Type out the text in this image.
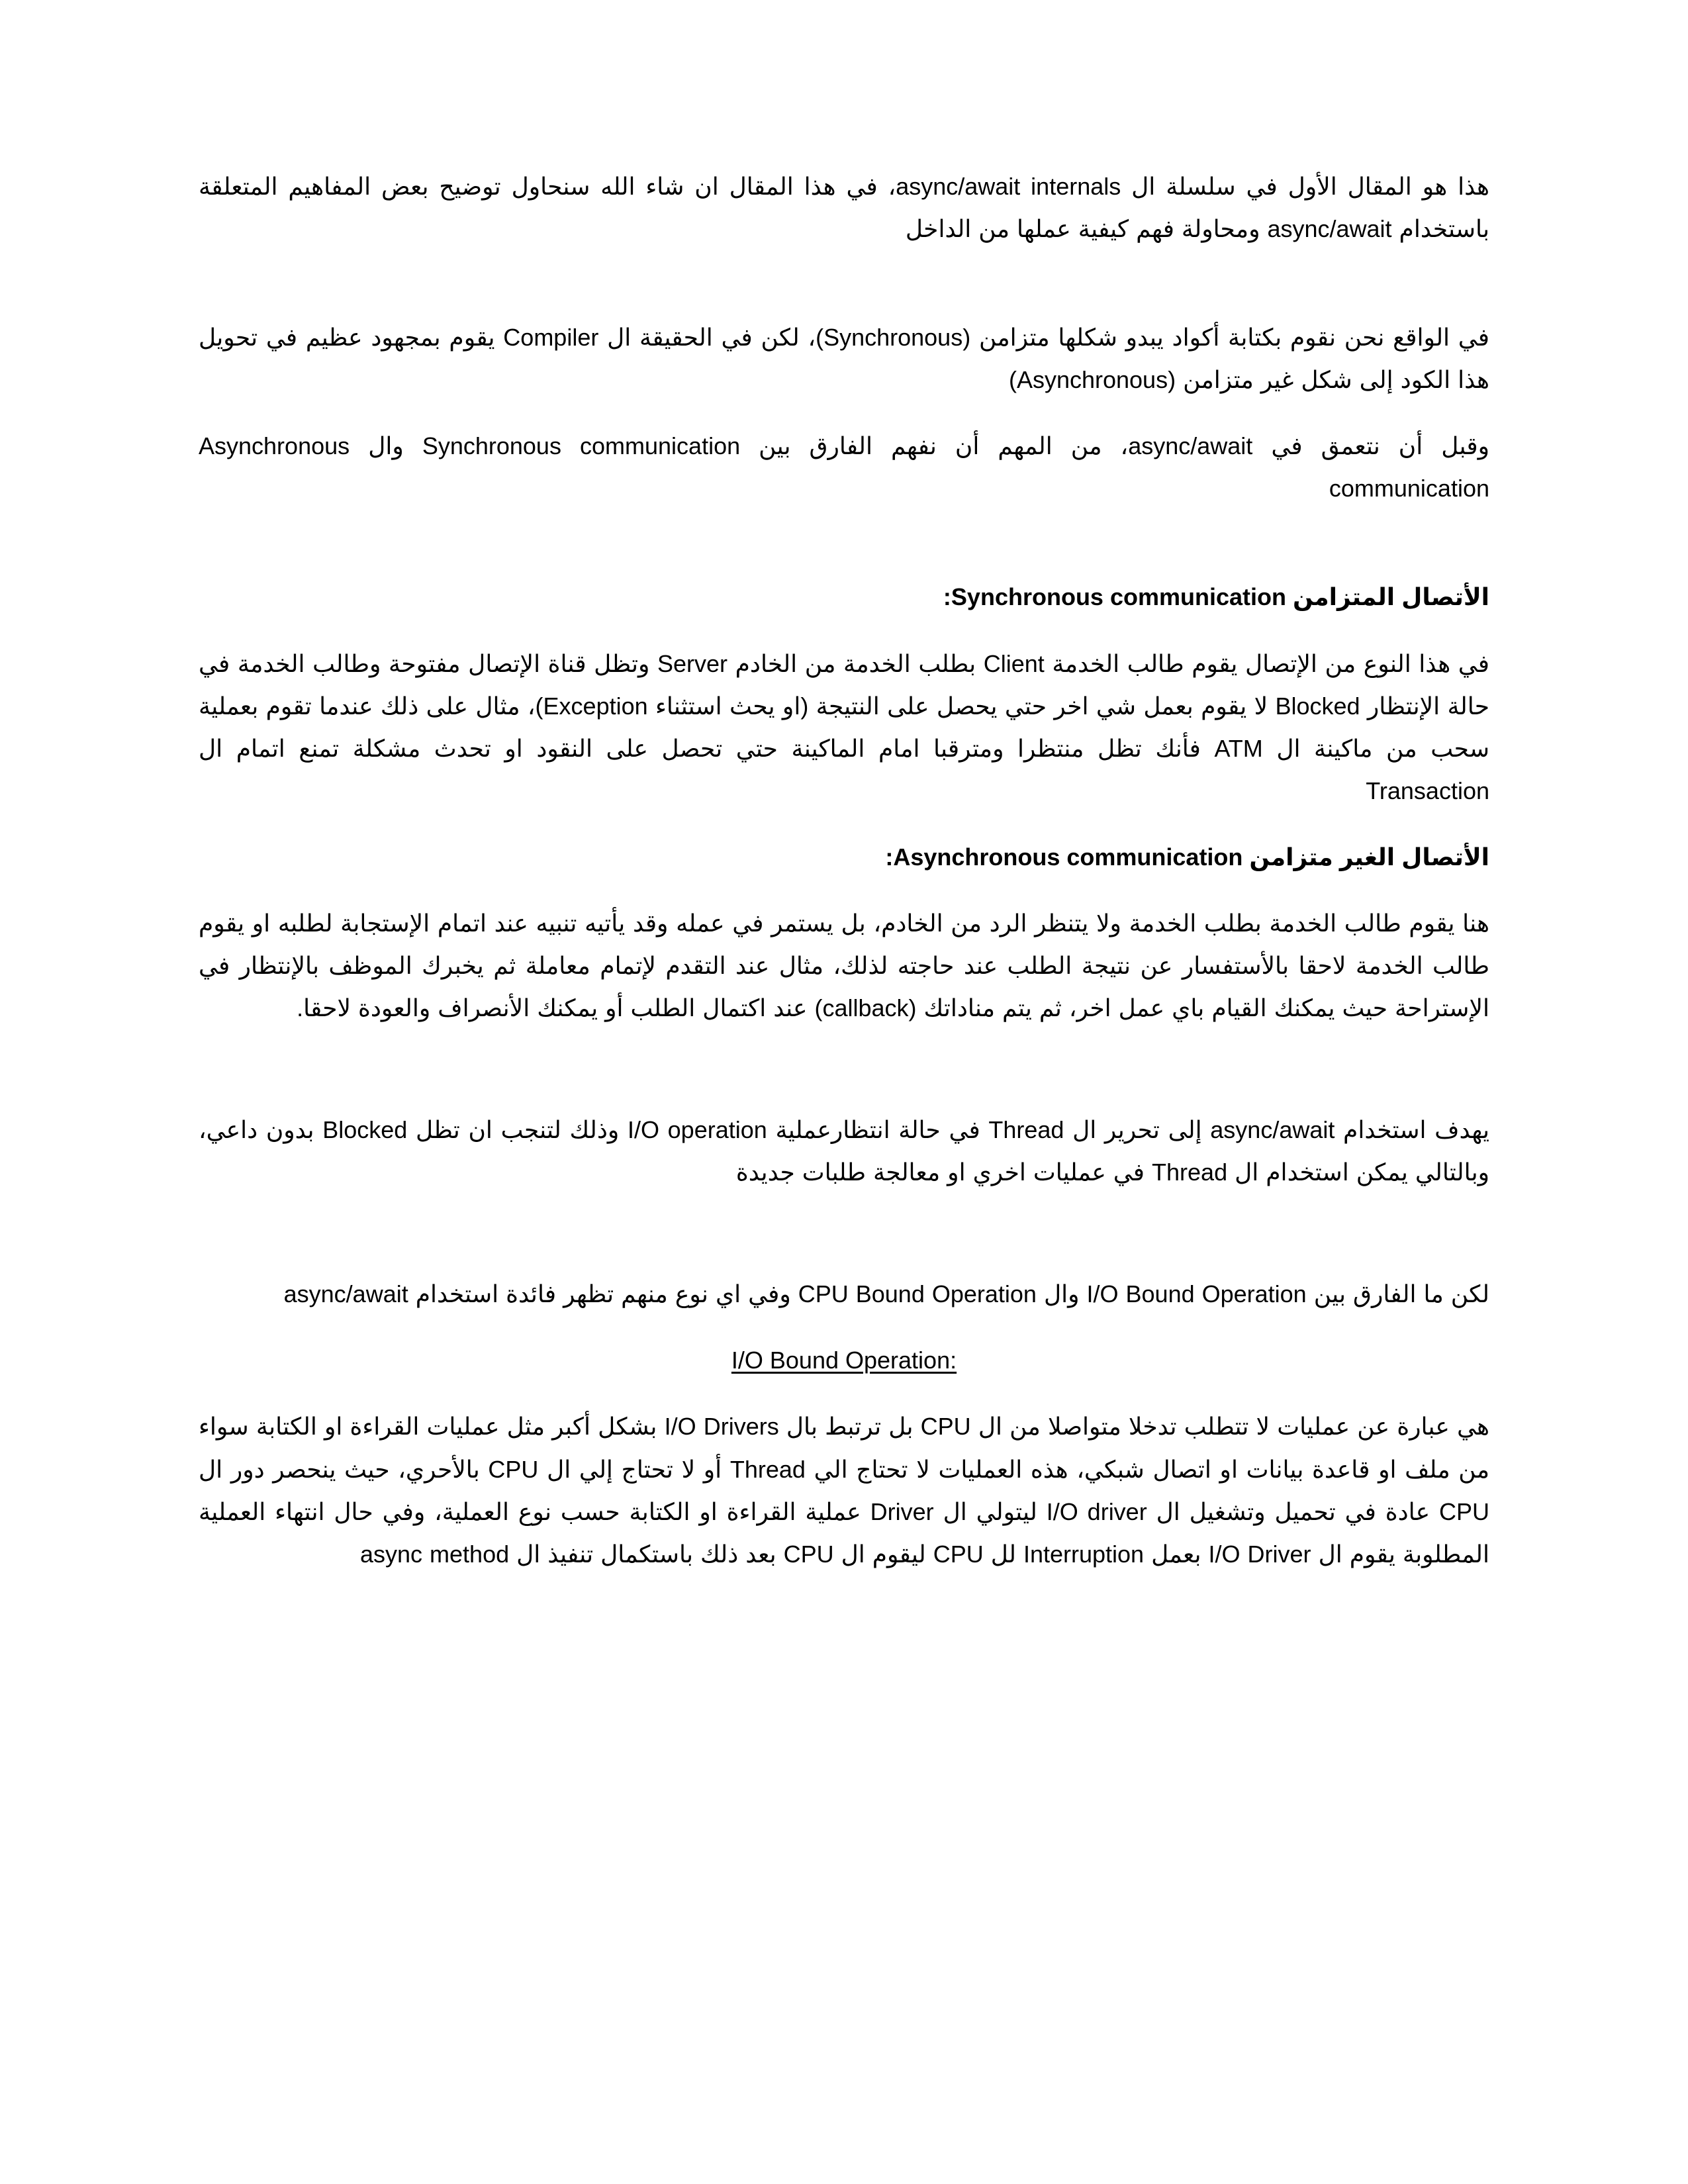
هذا هو المقال الأول في سلسلة ال async/await internals، في هذا المقال ان شاء الله سنحاول توضيح بعض المفاهيم المتعلقة باستخدام async/await ومحاولة فهم كيفية عملها من الداخل

في الواقع نحن نقوم بكتابة أكواد يبدو شكلها متزامن (Synchronous)، لكن في الحقيقة ال Compiler يقوم بمجهود عظيم في تحويل هذا الكود إلى شكل غير متزامن (Asynchronous)

وقبل أن نتعمق في async/await، من المهم أن نفهم الفارق بين Synchronous communication وال Asynchronous communication

الأتصال المتزامن Synchronous communication:

في هذا النوع من الإتصال يقوم طالب الخدمة Client بطلب الخدمة من الخادم Server وتظل قناة الإتصال مفتوحة وطالب الخدمة في حالة الإنتظار Blocked لا يقوم بعمل شي اخر حتي يحصل على النتيجة (او يحث استثناء Exception)، مثال على ذلك عندما تقوم بعملية سحب من ماكينة ال ATM فأنك تظل منتظرا ومترقبا امام الماكينة حتي تحصل على النقود او تحدث مشكلة تمنع اتمام ال Transaction

الأتصال الغير متزامن Asynchronous communication:

هنا يقوم طالب الخدمة بطلب الخدمة ولا يتنظر الرد من الخادم، بل يستمر في عمله وقد يأتيه تنبيه عند اتمام الإستجابة لطلبه او يقوم طالب الخدمة لاحقا بالأستفسار عن نتيجة الطلب عند حاجته لذلك، مثال عند التقدم لإتمام معاملة ثم يخبرك الموظف بالإنتظار في الإستراحة حيث يمكنك القيام باي عمل اخر، ثم يتم مناداتك (callback) عند اكتمال الطلب أو يمكنك الأنصراف والعودة لاحقا.

يهدف استخدام async/await إلى تحرير ال Thread في حالة انتظارعملية I/O operation وذلك لتنجب ان تظل Blocked بدون داعي، وبالتالي يمكن استخدام ال Thread في عمليات اخري او معالجة طلبات جديدة

لكن ما الفارق بين I/O Bound Operation وال CPU Bound Operation وفي اي نوع منهم تظهر فائدة استخدام async/await

I/O Bound Operation:

هي عبارة عن عمليات لا تتطلب تدخلا متواصلا من ال CPU بل ترتبط بال I/O Drivers بشكل أكبر مثل عمليات القراءة او الكتابة سواء من ملف او قاعدة بيانات او اتصال شبكي، هذه العمليات لا تحتاج الي Thread أو لا تحتاج إلي ال CPU بالأحري، حيث ينحصر دور ال CPU عادة في تحميل وتشغيل ال I/O driver ليتولي ال Driver عملية القراءة او الكتابة حسب نوع العملية، وفي حال انتهاء العملية المطلوبة يقوم ال I/O Driver بعمل Interruption لل CPU ليقوم ال CPU بعد ذلك باستكمال تنفيذ ال async method
